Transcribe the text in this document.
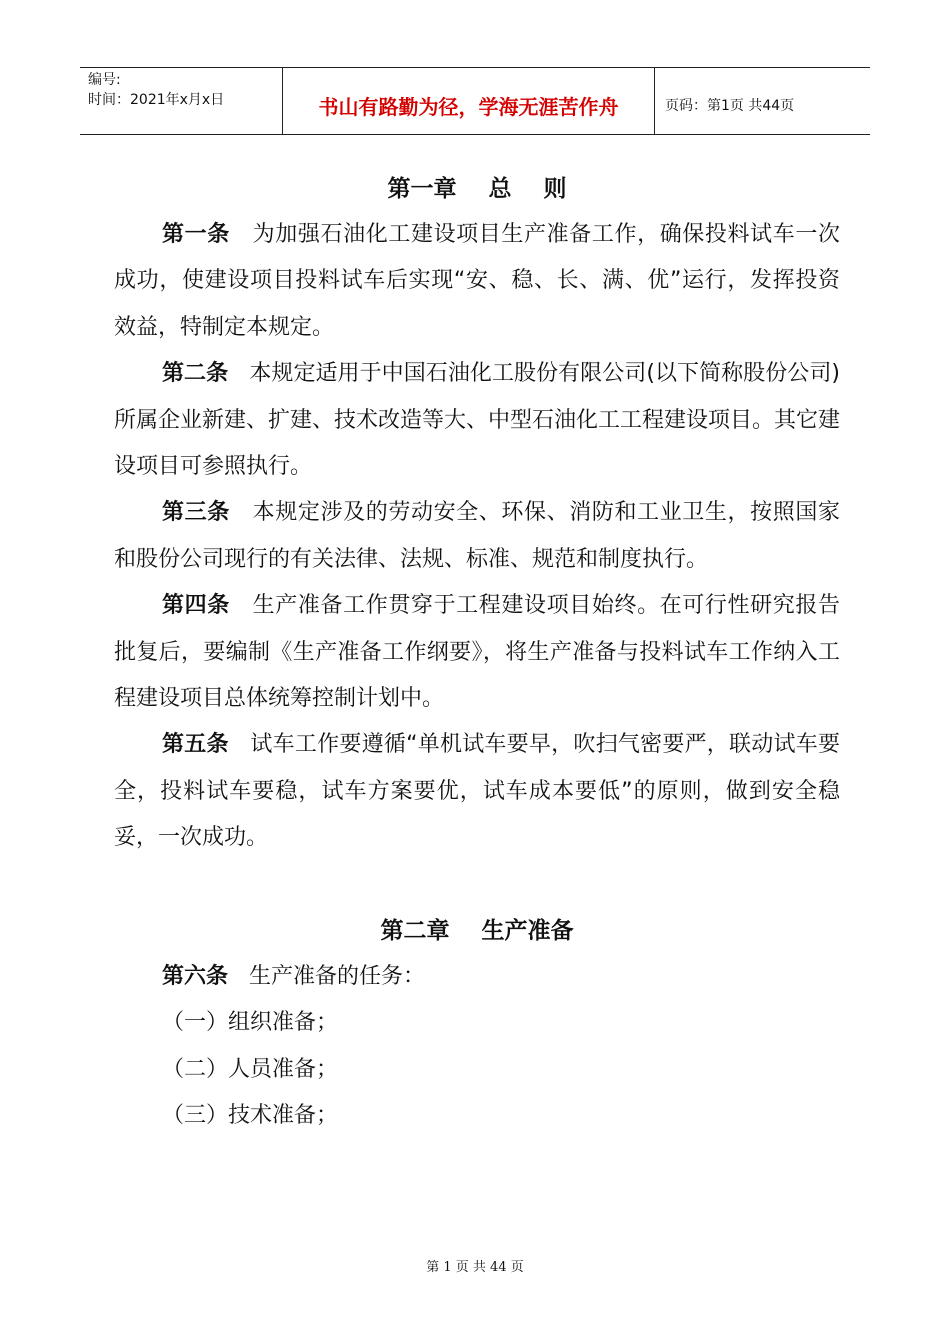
编号:
时间：2021年x月x日	书山有路勤为径，学海无涯苦作舟	页码：第1页 共44页
第一章    总    则

第一条 为加强石油化工建设项目生产准备工作，确保投料试车一次成功，使建设项目投料试车后实现“安、稳、长、满、优”运行，发挥投资效益，特制定本规定。

第二条 本规定适用于中国石油化工股份有限公司(以下简称股份公司)所属企业新建、扩建、技术改造等大、中型石油化工工程建设项目。其它建设项目可参照执行。

第三条 本规定涉及的劳动安全、环保、消防和工业卫生，按照国家和股份公司现行的有关法律、法规、标准、规范和制度执行。

第四条 生产准备工作贯穿于工程建设项目始终。在可行性研究报告批复后，要编制《生产准备工作纲要》，将生产准备与投料试车工作纳入工程建设项目总体统筹控制计划中。

第五条 试车工作要遵循“单机试车要早，吹扫气密要严，联动试车要全，投料试车要稳，试车方案要优，试车成本要低”的原则，做到安全稳妥，一次成功。

第二章    生产准备

第六条 生产准备的任务：

（一）组织准备；

（二）人员准备；

（三）技术准备；

第 1 页 共 44 页
